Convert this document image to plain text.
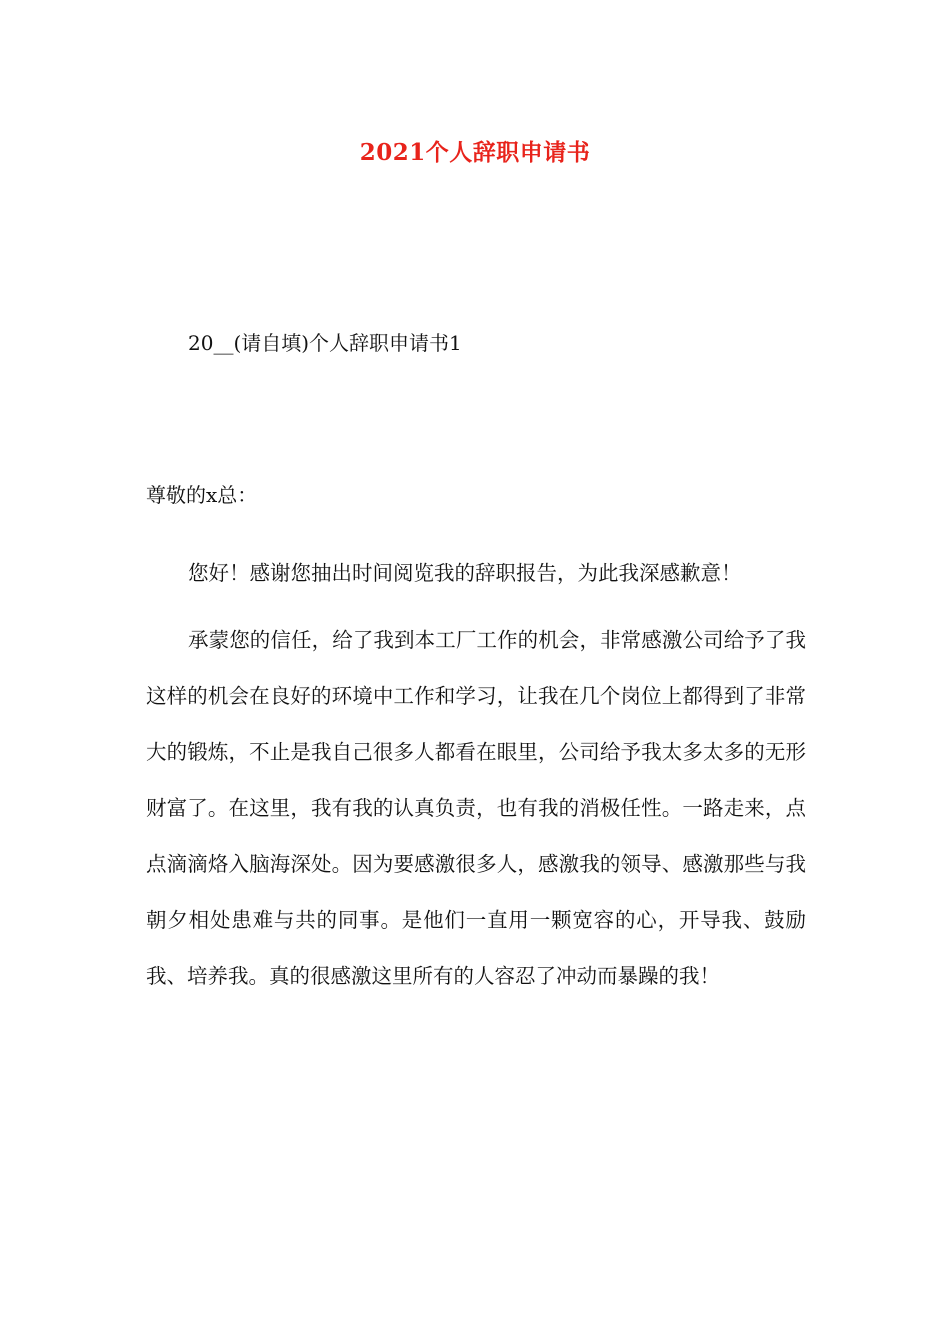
2021个人辞职申请书
20__(请自填)个人辞职申请书1
尊敬的x总：

您好！感谢您抽出时间阅览我的辞职报告，为此我深感歉意！

承蒙您的信任，给了我到本工厂工作的机会，非常感激公司给予了我这样的机会在良好的环境中工作和学习，让我在几个岗位上都得到了非常大的锻炼，不止是我自己很多人都看在眼里，公司给予我太多太多的无形财富了。在这里，我有我的认真负责，也有我的消极任性。一路走来，点点滴滴烙入脑海深处。因为要感激很多人，感激我的领导、感激那些与我朝夕相处患难与共的同事。是他们一直用一颗宽容的心，开导我、鼓励我、培养我。真的很感激这里所有的人容忍了冲动而暴躁的我！
